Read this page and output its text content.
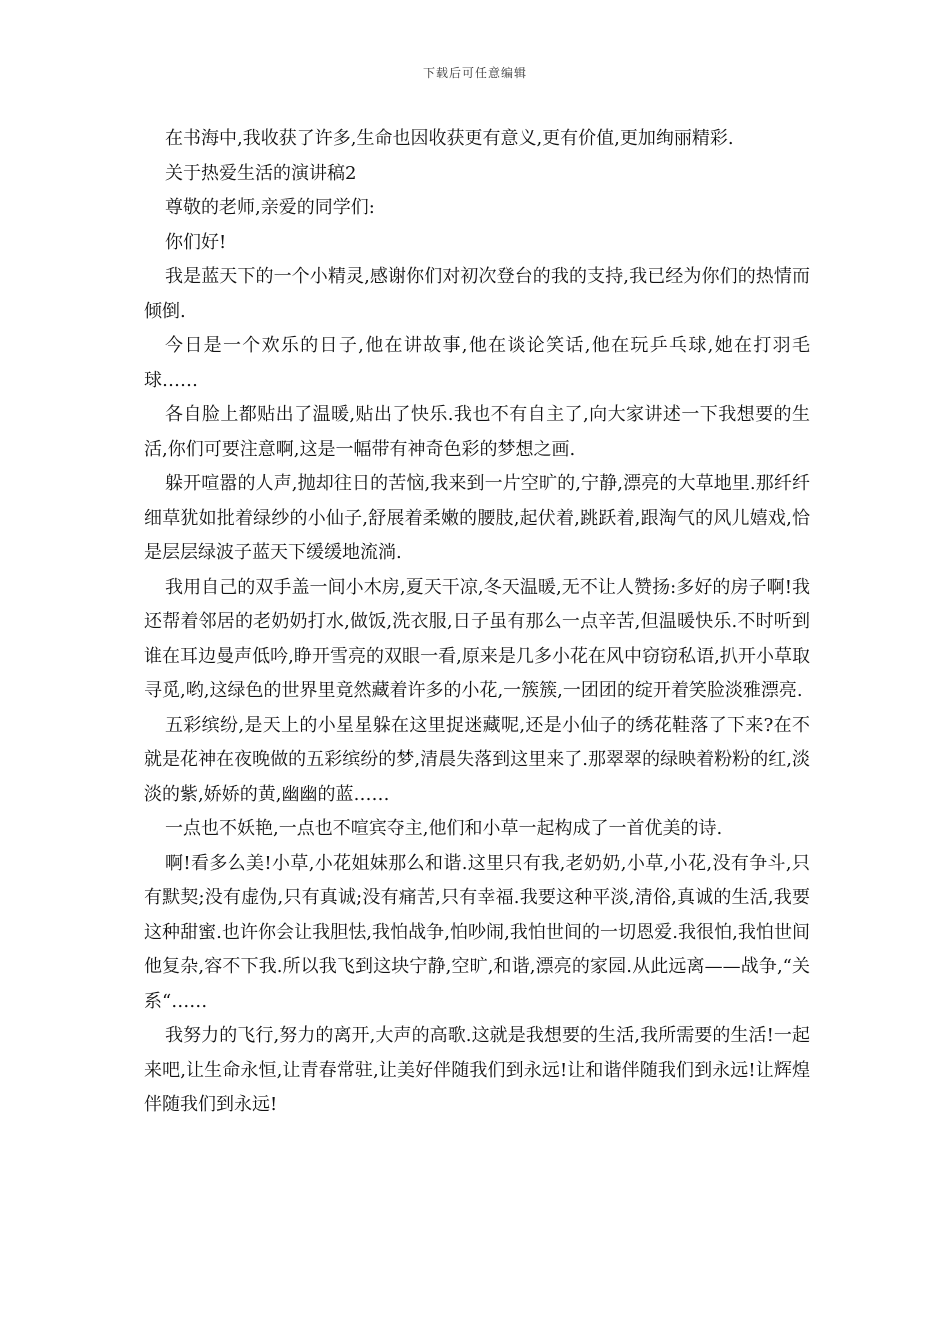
下载后可任意编辑

在书海中,我收获了许多,生命也因收获更有意义,更有价值,更加绚丽精彩.

关于热爱生活的演讲稿2

尊敬的老师,亲爱的同学们:

你们好!

我是蓝天下的一个小精灵,感谢你们对初次登台的我的支持,我已经为你们的热情而倾倒.

今日是一个欢乐的日子,他在讲故事,他在谈论笑话,他在玩乒乓球,她在打羽毛球……

各自脸上都贴出了温暖,贴出了快乐.我也不有自主了,向大家讲述一下我想要的生活,你们可要注意啊,这是一幅带有神奇色彩的梦想之画.

躲开喧嚣的人声,抛却往日的苦恼,我来到一片空旷的,宁静,漂亮的大草地里.那纤纤细草犹如批着绿纱的小仙子,舒展着柔嫩的腰肢,起伏着,跳跃着,跟淘气的风儿嬉戏,恰是层层绿波子蓝天下缓缓地流淌.

我用自己的双手盖一间小木房,夏天干凉,冬天温暖,无不让人赞扬:多好的房子啊!我还帮着邻居的老奶奶打水,做饭,洗衣服,日子虽有那么一点辛苦,但温暖快乐.不时听到谁在耳边曼声低吟,睁开雪亮的双眼一看,原来是几多小花在风中窃窃私语,扒开小草取寻觅,哟,这绿色的世界里竟然藏着许多的小花,一簇簇,一团团的绽开着笑脸淡雅漂亮.

五彩缤纷,是天上的小星星躲在这里捉迷藏呢,还是小仙子的绣花鞋落了下来?在不就是花神在夜晚做的五彩缤纷的梦,清晨失落到这里来了.那翠翠的绿映着粉粉的红,淡淡的紫,娇娇的黄,幽幽的蓝……

一点也不妖艳,一点也不喧宾夺主,他们和小草一起构成了一首优美的诗.

啊!看多么美!小草,小花姐妹那么和谐.这里只有我,老奶奶,小草,小花,没有争斗,只有默契;没有虚伪,只有真诚;没有痛苦,只有幸福.我要这种平淡,清俗,真诚的生活,我要这种甜蜜.也许你会让我胆怯,我怕战争,怕吵闹,我怕世间的一切恩爱.我很怕,我怕世间他复杂,容不下我.所以我飞到这块宁静,空旷,和谐,漂亮的家园.从此远离——战争,“关系“……

我努力的飞行,努力的离开,大声的高歌.这就是我想要的生活,我所需要的生活!一起来吧,让生命永恒,让青春常驻,让美好伴随我们到永远!让和谐伴随我们到永远!让辉煌伴随我们到永远!
